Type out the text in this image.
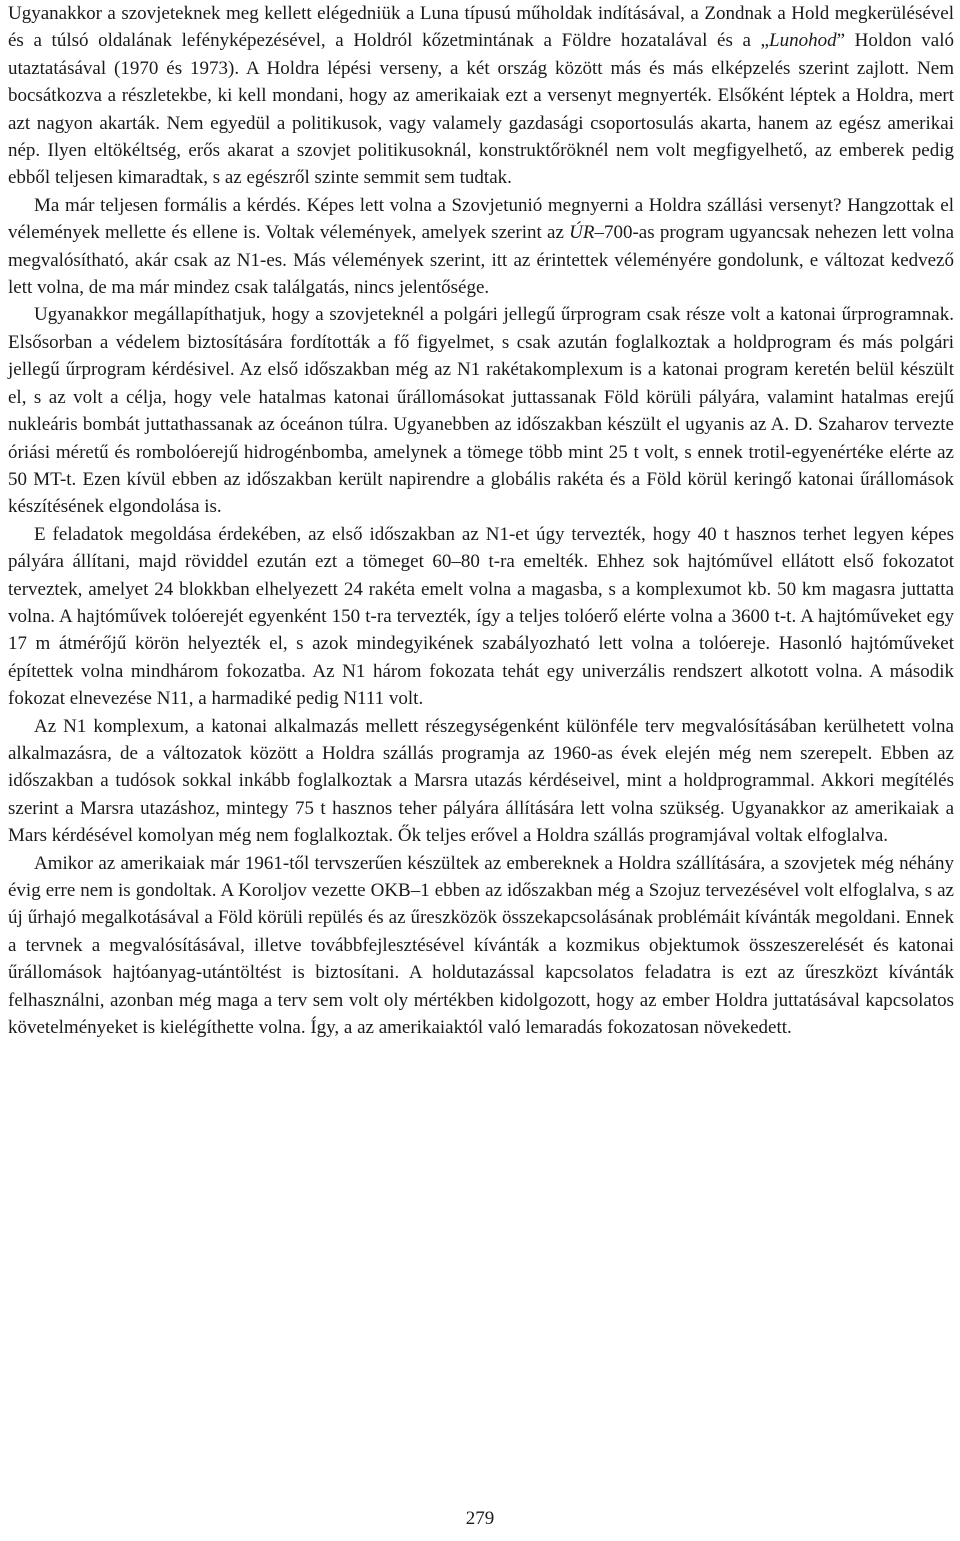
Ugyanakkor a szovjeteknek meg kellett elégedniük a Luna típusú műholdak indításával, a Zondnak a Hold megkerülésével és a túlsó oldalának lefényképezésével, a Holdról kőzetmintának a Földre hozatalával és a „Lunohod” Holdon való utaztatásával (1970 és 1973). A Holdra lépési verseny, a két ország között más és más elképzelés szerint zajlott. Nem bocsátkozva a részletekbe, ki kell mondani, hogy az amerikaiak ezt a versenyt megnyerték. Elsőként léptek a Holdra, mert azt nagyon akarták. Nem egyedül a politikusok, vagy valamely gazdasági csoportosulás akarta, hanem az egész amerikai nép. Ilyen eltökéltség, erős akarat a szovjet politikusoknál, konstruktőröknél nem volt megfigyelhető, az emberek pedig ebből teljesen kimaradtak, s az egészről szinte semmit sem tudtak.

Ma már teljesen formális a kérdés. Képes lett volna a Szovjetunió megnyerni a Holdra szállási versenyt? Hangzottak el vélemények mellette és ellene is. Voltak vélemények, amelyek szerint az ÚR–700-as program ugyancsak nehezen lett volna megvalósítható, akár csak az N1-es. Más vélemények szerint, itt az érintettek véleményére gondolunk, e változat kedvező lett volna, de ma már mindez csak találgatás, nincs jelentősége.

Ugyanakkor megállapíthatjuk, hogy a szovjeteknél a polgári jellegű űrprogram csak része volt a katonai űrprogramnak. Elsősorban a védelem biztosítására fordították a fő figyelmet, s csak azután foglalkoztak a holdprogram és más polgári jellegű űrprogram kérdésivel. Az első időszakban még az N1 rakétakomplexum is a katonai program keretén belül készült el, s az volt a célja, hogy vele hatalmas katonai űrállomásokat juttassanak Föld körüli pályára, valamint hatalmas erejű nukleáris bombát juttathassanak az óceánon túlra. Ugyanebben az időszakban készült el ugyanis az A. D. Szaharov tervezte óriási méretű és rombolóerejű hidrogénbomba, amelynek a tömege több mint 25 t volt, s ennek trotil-egyenértéke elérte az 50 MT-t. Ezen kívül ebben az időszakban került napirendre a globális rakéta és a Föld körül keringő katonai űrállomások készítésének elgondolása is.

E feladatok megoldása érdekében, az első időszakban az N1-et úgy tervezték, hogy 40 t hasznos terhet legyen képes pályára állítani, majd röviddel ezután ezt a tömeget 60–80 t-ra emelték. Ehhez sok hajtóművel ellátott első fokozatot terveztek, amelyet 24 blokkban elhelyezett 24 rakéta emelt volna a magasba, s a komplexumot kb. 50 km magasra juttatta volna. A hajtóművek tolóerejét egyenként 150 t-ra tervezték, így a teljes tolóerő elérte volna a 3600 t-t. A hajtóműveket egy 17 m átmérőjű körön helyezték el, s azok mindegyikének szabályozható lett volna a tolóereje. Hasonló hajtóműveket építettek volna mindhárom fokozatba. Az N1 három fokozata tehát egy univerzális rendszert alkotott volna. A második fokozat elnevezése N11, a harmadiké pedig N111 volt.

Az N1 komplexum, a katonai alkalmazás mellett részegységenként különféle terv megvalósításában kerülhetett volna alkalmazásra, de a változatok között a Holdra szállás programja az 1960-as évek elején még nem szerepelt. Ebben az időszakban a tudósok sokkal inkább foglalkoztak a Marsra utazás kérdéseivel, mint a holdprogrammal. Akkori megítélés szerint a Marsra utazáshoz, mintegy 75 t hasznos teher pályára állítására lett volna szükség. Ugyanakkor az amerikaiak a Mars kérdésével komolyan még nem foglalkoztak. Ők teljes erővel a Holdra szállás programjával voltak elfoglalva.

Amikor az amerikaiak már 1961-től tervszerűen készültek az embereknek a Holdra szállítására, a szovjetek még néhány évig erre nem is gondoltak. A Koroljov vezette OKB–1 ebben az időszakban még a Szojuz tervezésével volt elfoglalva, s az új űrhajó megalkotásával a Föld körüli repülés és az űreszközök összekapcsolásának problémáit kívánták megoldani. Ennek a tervnek a megvalósításával, illetve továbbfejlesztésével kívánták a kozmikus objektumok összeszerelését és katonai űrállomások hajtóanyag-utántöltést is biztosítani. A holdutazással kapcsolatos feladatra is ezt az űreszközt kívánták felhasználni, azonban még maga a terv sem volt oly mértékben kidolgozott, hogy az ember Holdra juttatásával kapcsolatos követelményeket is kielégíthette volna. Így, a az amerikaiaktól való lemaradás fokozatosan növekedett.

279
